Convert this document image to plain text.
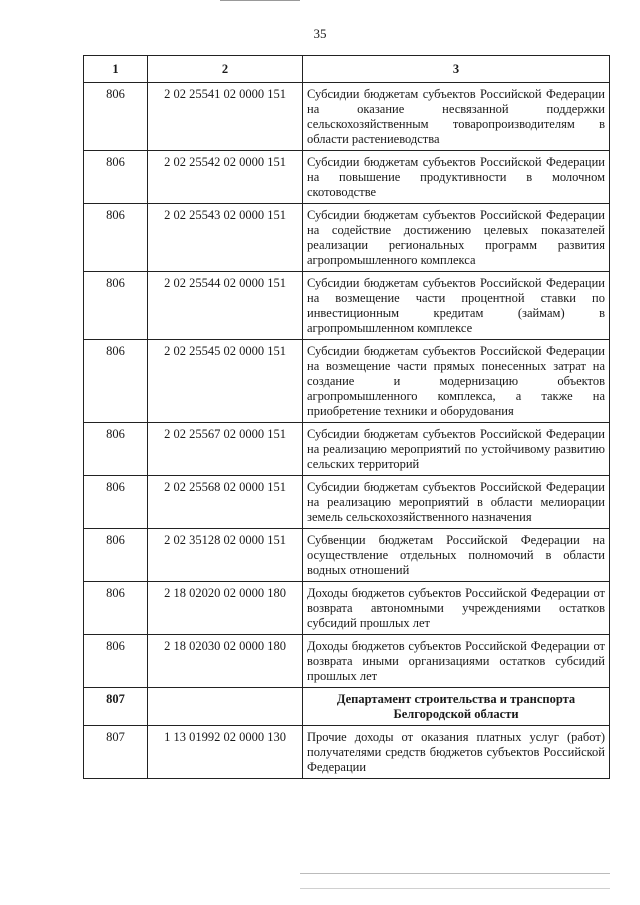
35
1	2	3
806	2 02 25541 02 0000 151	Субсидии бюджетам субъектов Российской Федерации на оказание несвязанной поддержки сельскохозяйственным товаропроизводителям в области растениеводства
806	2 02 25542 02 0000 151	Субсидии бюджетам субъектов Российской Федерации на повышение продуктивности в молочном скотоводстве
806	2 02 25543 02 0000 151	Субсидии бюджетам субъектов Российской Федерации на содействие достижению целевых показателей реализации региональных программ развития агропромышленного комплекса
806	2 02 25544 02 0000 151	Субсидии бюджетам субъектов Российской Федерации на возмещение части процентной ставки по инвестиционным кредитам (займам) в агропромышленном комплексе
806	2 02 25545 02 0000 151	Субсидии бюджетам субъектов Российской Федерации на возмещение части прямых понесенных затрат на создание и модернизацию объектов агропромышленного комплекса, а также на приобретение техники и оборудования
806	2 02 25567 02 0000 151	Субсидии бюджетам субъектов Российской Федерации на реализацию мероприятий по устойчивому развитию сельских территорий
806	2 02 25568 02 0000 151	Субсидии бюджетам субъектов Российской Федерации на реализацию мероприятий в области мелиорации земель сельскохозяйственного назначения
806	2 02 35128 02 0000 151	Субвенции бюджетам Российской Федерации на осуществление отдельных полномочий в области водных отношений
806	2 18 02020 02 0000 180	Доходы бюджетов субъектов Российской Федерации от возврата автономными учреждениями остатков субсидий прошлых лет
806	2 18 02030 02 0000 180	Доходы бюджетов субъектов Российской Федерации от возврата иными организациями остатков субсидий прошлых лет
807		Департамент строительства и транспорта Белгородской области
807	1 13 01992 02 0000 130	Прочие доходы от оказания платных услуг (работ) получателями средств бюджетов субъектов Российской Федерации
